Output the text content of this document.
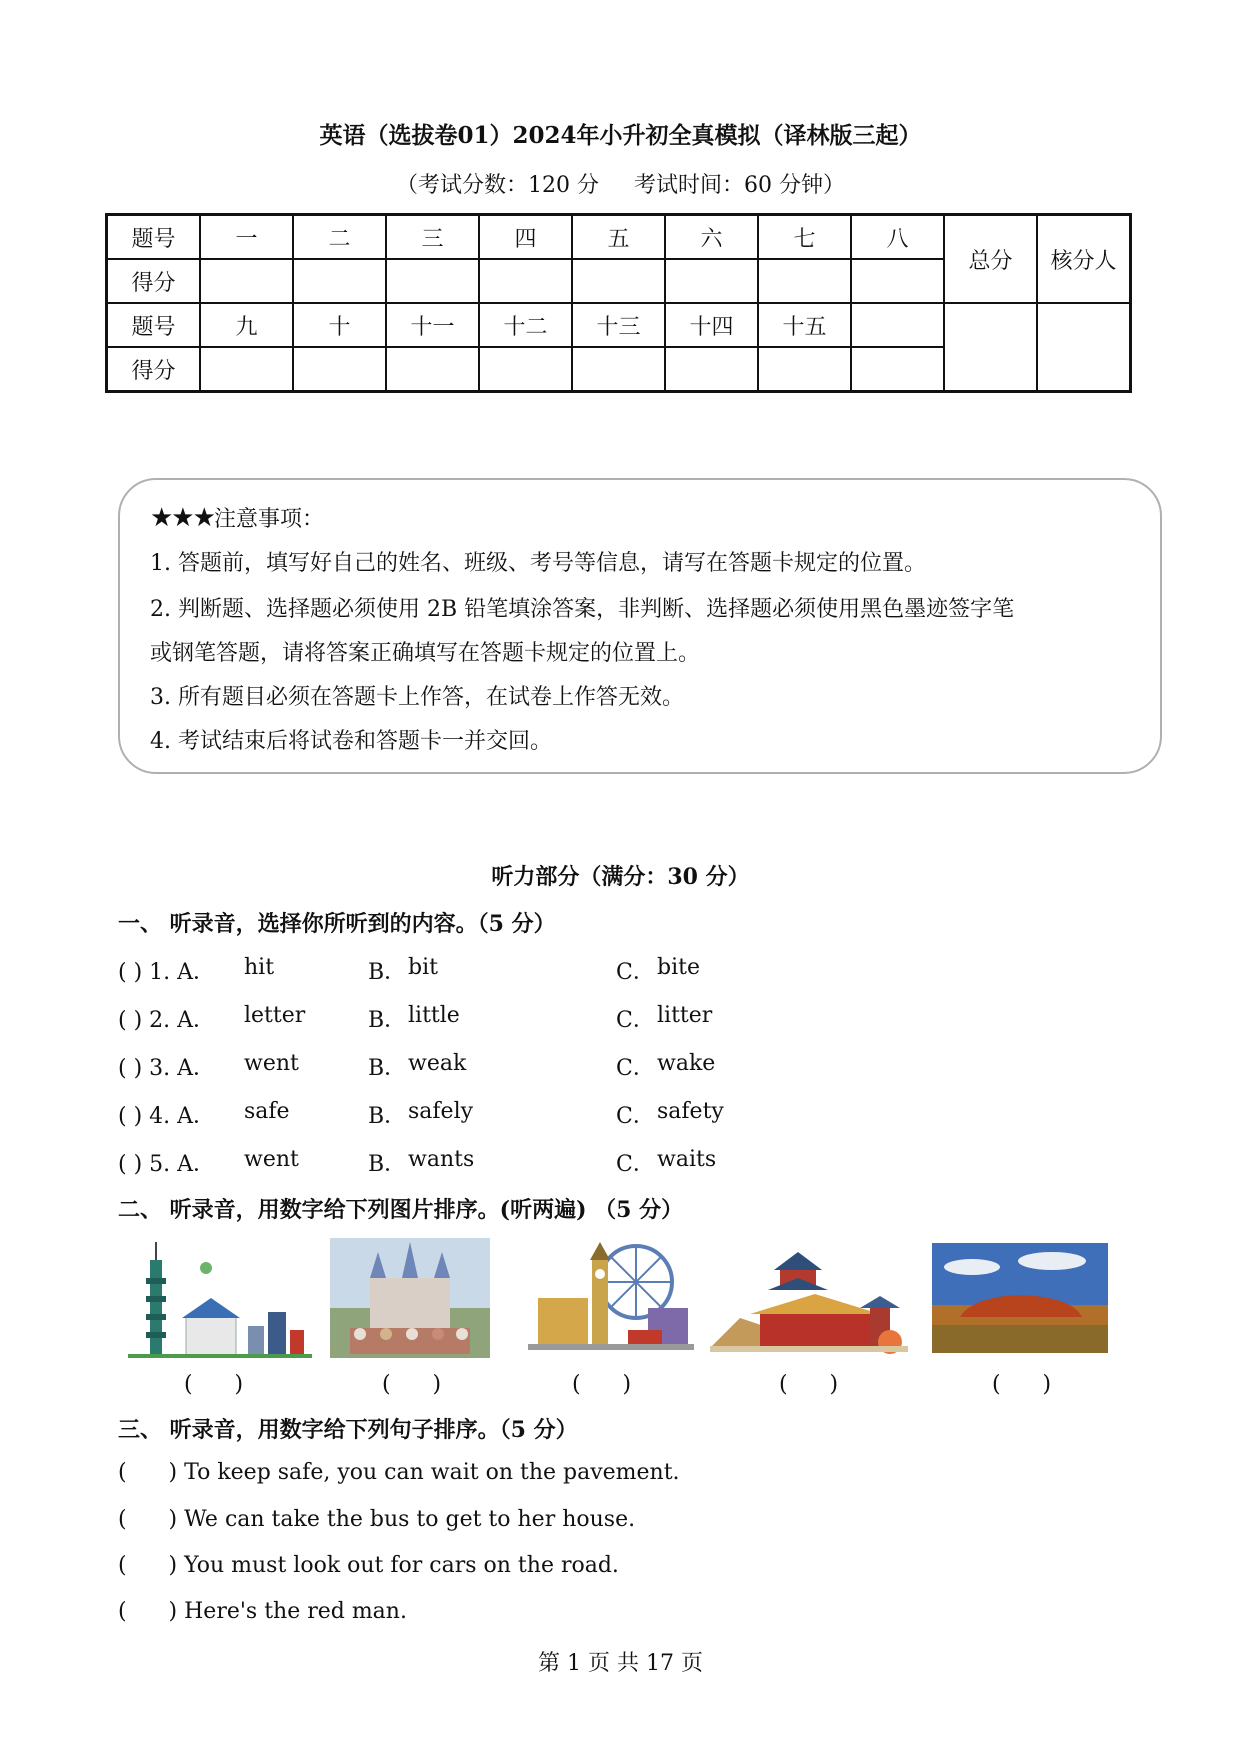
英语（选拔卷01）2024年小升初全真模拟（译林版三起）
（考试分数：120 分     考试时间：60 分钟）
题号	一	二	三	四	五	六	七	八	总分	核分人
得分										
题号	九	十	十一	十二	十三	十四	十五			
得分										
★★★注意事项：
1. 答题前，填写好自己的姓名、班级、考号等信息，请写在答题卡规定的位置。
2. 判断题、选择题必须使用 2B 铅笔填涂答案，非判断、选择题必须使用黑色墨迹签字笔
或钢笔答题，请将答案正确填写在答题卡规定的位置上。
3. 所有题目必须在答题卡上作答，在试卷上作答无效。
4. 考试结束后将试卷和答题卡一并交回。
听力部分（满分：30 分）
一、 听录音，选择你所听到的内容。（5 分）
( ) 1. A． hit	B． bit	C． bite
( ) 2. A． letter	B． little	C． litter
( ) 3. A． went	B． weak	C． wake
( ) 4. A． safe	B． safely	C． safety
( ) 5. A． went	B． wants	C． waits
二、 听录音，用数字给下列图片排序。(听两遍) （5 分）
(      )	(      )	(      )	(      )	(      )
三、 听录音，用数字给下列句子排序。（5 分）
(      ) To keep safe, you can wait on the pavement.
(      ) We can take the bus to get to her house.
(      ) You must look out for cars on the road.
(      ) Here's the red man.
第 1 页 共 17 页
